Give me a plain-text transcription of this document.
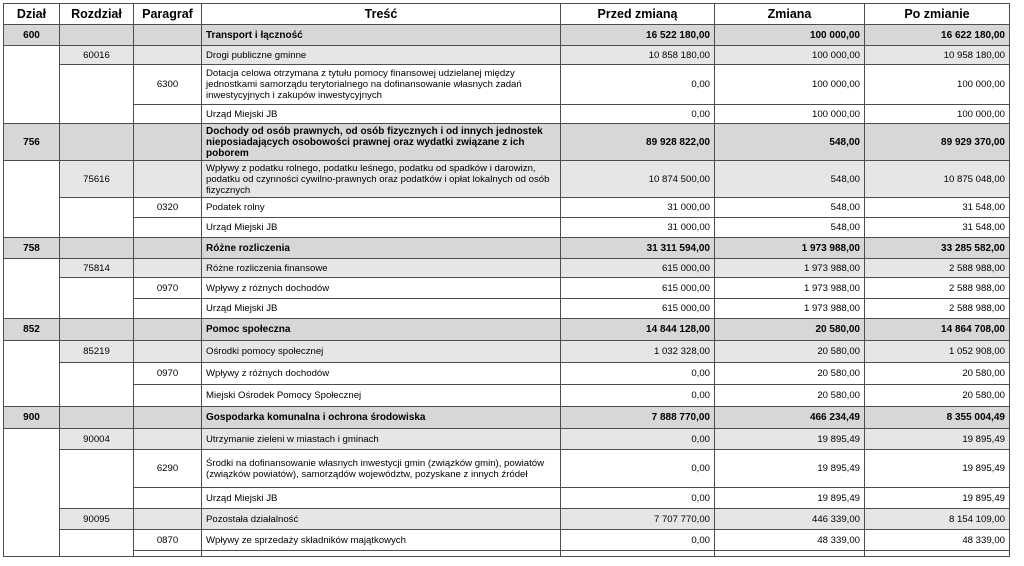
Dział	Rozdział	Paragraf	Treść	Przed zmianą	Zmiana	Po zmianie
600			Transport i łączność	16 522 180,00	100 000,00	16 622 180,00
	60016		Drogi publiczne gminne	10 858 180,00	100 000,00	10 958 180,00
		6300	Dotacja celowa otrzymana z tytułu pomocy finansowej udzielanej między jednostkami samorządu terytorialnego na dofinansowanie własnych zadań inwestycyjnych i zakupów inwestycyjnych	0,00	100 000,00	100 000,00
			Urząd Miejski JB	0,00	100 000,00	100 000,00
756			Dochody od osób prawnych, od osób fizycznych i od innych jednostek nieposiadających osobowości prawnej oraz wydatki związane z ich poborem	89 928 822,00	548,00	89 929 370,00
	75616		Wpływy z podatku rolnego, podatku leśnego, podatku od spadków i darowizn, podatku od czynności cywilno-prawnych oraz podatków i opłat lokalnych od osób fizycznych	10 874 500,00	548,00	10 875 048,00
		0320	Podatek rolny	31 000,00	548,00	31 548,00
			Urząd Miejski JB	31 000,00	548,00	31 548,00
758			Różne rozliczenia	31 311 594,00	1 973 988,00	33 285 582,00
	75814		Różne rozliczenia finansowe	615 000,00	1 973 988,00	2 588 988,00
		0970	Wpływy z różnych dochodów	615 000,00	1 973 988,00	2 588 988,00
			Urząd Miejski JB	615 000,00	1 973 988,00	2 588 988,00
852			Pomoc społeczna	14 844 128,00	20 580,00	14 864 708,00
	85219		Ośrodki pomocy społecznej	1 032 328,00	20 580,00	1 052 908,00
		0970	Wpływy z różnych dochodów	0,00	20 580,00	20 580,00
			Miejski Ośrodek Pomocy Społecznej	0,00	20 580,00	20 580,00
900			Gospodarka komunalna i ochrona środowiska	7 888 770,00	466 234,49	8 355 004,49
	90004		Utrzymanie zieleni w miastach i gminach	0,00	19 895,49	19 895,49
		6290	Środki na dofinansowanie własnych inwestycji gmin (związków gmin), powiatów (związków powiatów), samorządów województw, pozyskane z innych źródeł	0,00	19 895,49	19 895,49
			Urząd Miejski JB	0,00	19 895,49	19 895,49
	90095		Pozostała działalność	7 707 770,00	446 339,00	8 154 109,00
		0870	Wpływy ze sprzedaży składników majątkowych	0,00	48 339,00	48 339,00
